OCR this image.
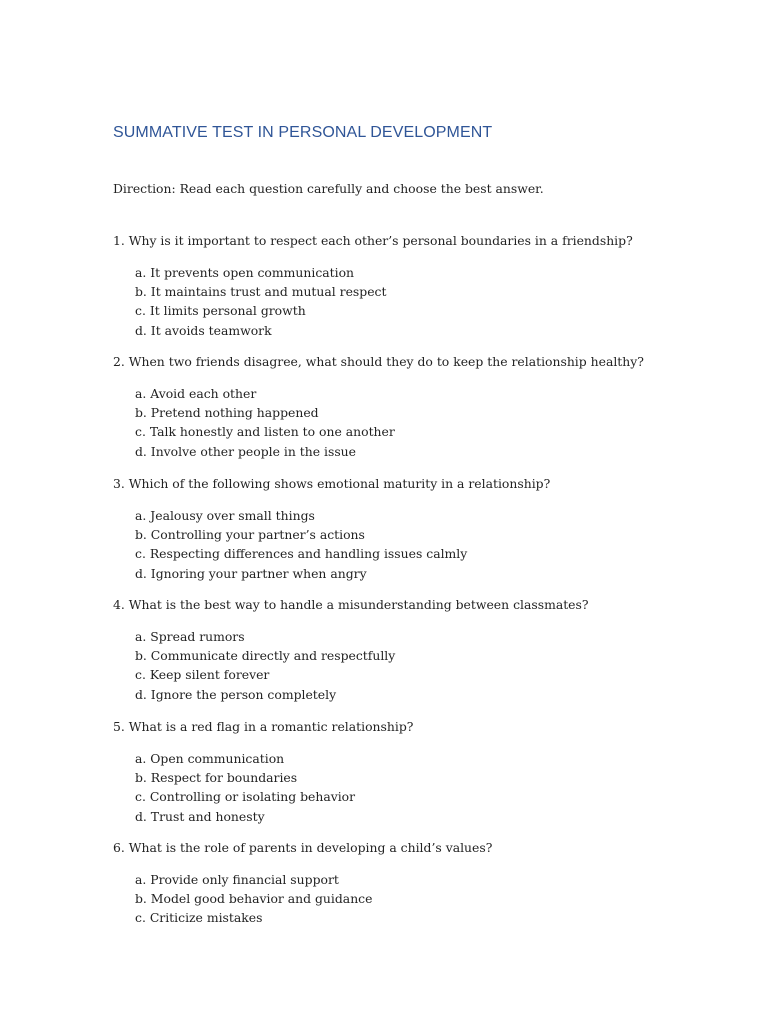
SUMMATIVE TEST IN PERSONAL DEVELOPMENT

Direction: Read each question carefully and choose the best answer.

1. Why is it important to respect each other’s personal boundaries in a friendship?
a. It prevents open communication
b. It maintains trust and mutual respect
c. It limits personal growth
d. It avoids teamwork
2. When two friends disagree, what should they do to keep the relationship healthy?
a. Avoid each other
b. Pretend nothing happened
c. Talk honestly and listen to one another
d. Involve other people in the issue
3. Which of the following shows emotional maturity in a relationship?
a. Jealousy over small things
b. Controlling your partner’s actions
c. Respecting differences and handling issues calmly
d. Ignoring your partner when angry
4. What is the best way to handle a misunderstanding between classmates?
a. Spread rumors
b. Communicate directly and respectfully
c. Keep silent forever
d. Ignore the person completely
5. What is a red flag in a romantic relationship?
a. Open communication
b. Respect for boundaries
c. Controlling or isolating behavior
d. Trust and honesty
6. What is the role of parents in developing a child’s values?
a. Provide only financial support
b. Model good behavior and guidance
c. Criticize mistakes
